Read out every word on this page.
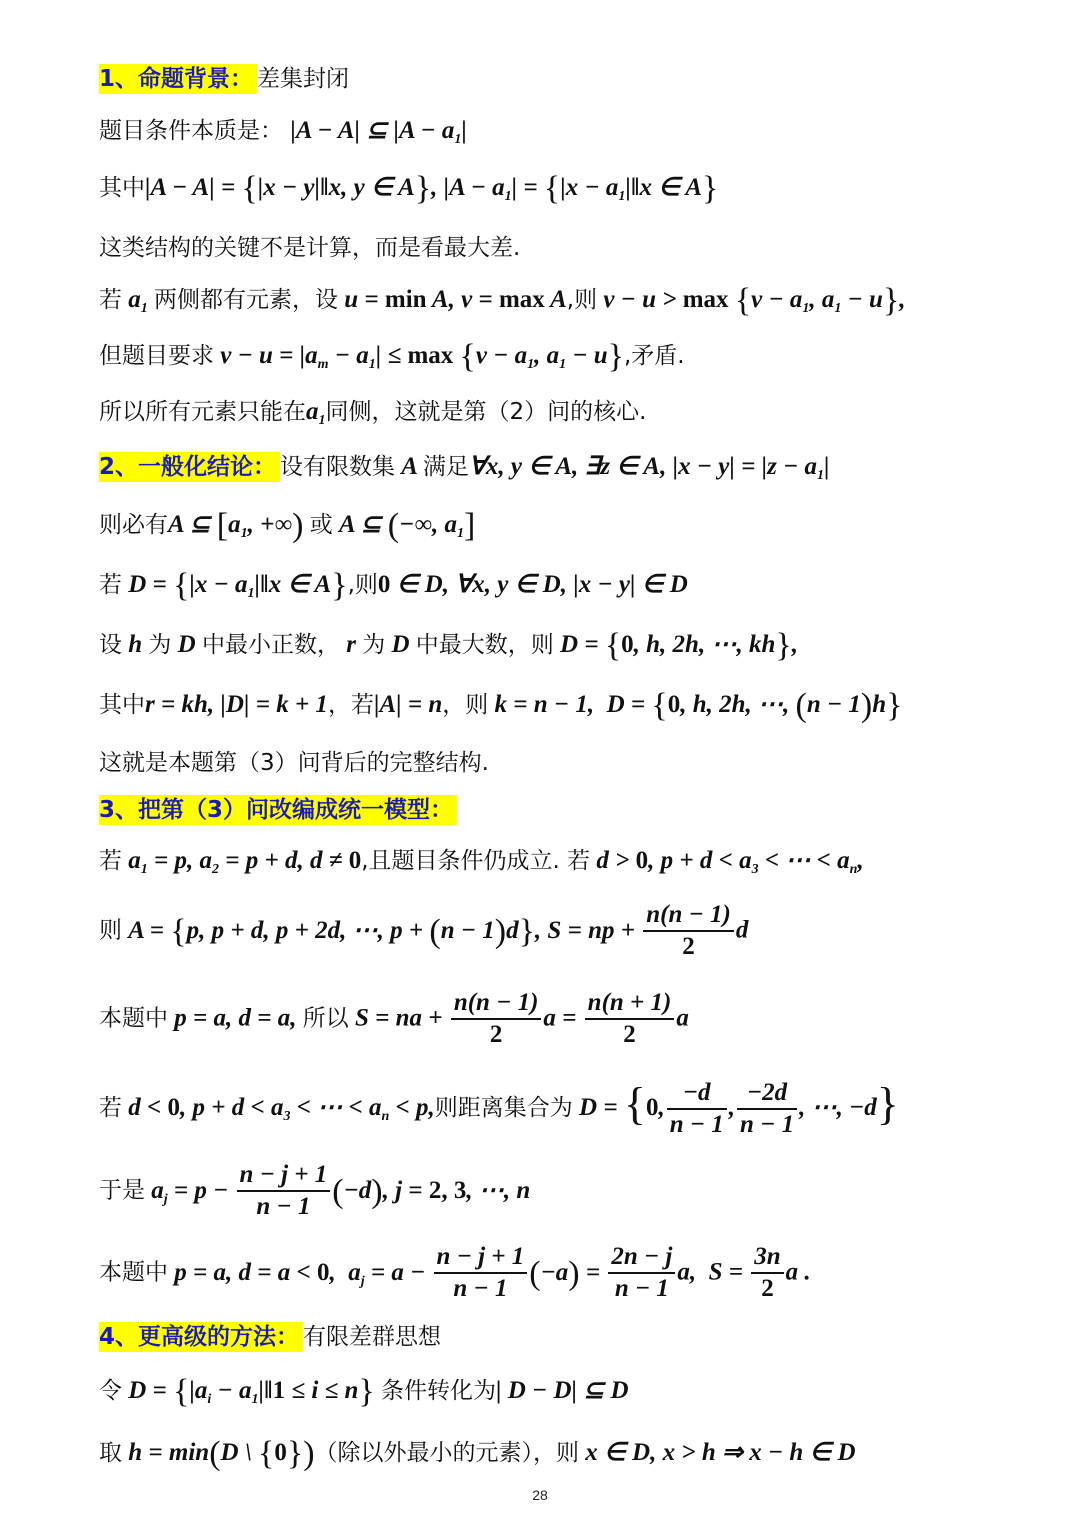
1、命题背景： 差集封闭
题目条件本质是： |A − A| ⊆ $|A - a_1|$
其中|A − A| = {|x − y|‖x, y ∈ A}, $|A - a_1| = \{|x$ − $a_1|‖x$ ∈ A}
这类结构的关键不是计算，而是看最大差.
若 $a_1$ 两侧都有元素，设 u = min A, v = max A,则 $v - u > \max \{v - a_1$, $a_1 - u$},
但题目要求 $v - u = |a_m - a_1| \le \max \{v - a_1$, $a_1 - u$},矛盾.
所以所有元素只能在$a_1$同侧，这就是第（2）问的核心.
2、一般化结论： 设有限数集 A 满足∀x, y ∈ A, ∃z ∈ A, $|x - y| = |z - a_1|$
则必有A ⊆ [$a_1$, +∞) 或 A ⊆ (−∞, $a_1$]
若 $D = \{|x - a_1|‖x$ ∈ A},则0 ∈ D, ∀x, y ∈ D, |x − y| ∈ D
设 h 为 D 中最小正数， r 为 D 中最大数，则 D = {0, h, 2h, ⋯, kh},
其中r = kh, |D| = k + 1，若|A| = n，则 k = n − 1,  D = {0, h, 2h, ⋯, (n − 1)h}
这就是本题第（3）问背后的完整结构.
3、把第（3）问改编成统一模型：
若 $a_1 = p$, $a_2 = p + d$, d ≠ 0,且题目条件仍成立. 若 d > 0, $p + d < a_3$ < ⋯ < $a_n$,
则 A = {p, p + d, p + 2d, ⋯, p + (n − 1)d}, S = np + $\frac{n(n - 1)}{2}$ d
本题中 p = a, d = a, 所以 S = na + $\frac{n(n - 1)}{2}$ $a = \frac{n(n + 1)}{2}$ a
若 d < 0, $p + d < a_3$ < ⋯ < $a_n < p$,则距离集合为 D = {0, $\frac{-d}{n - 1}$ , $\frac{-2d}{n - 1}$ , ⋯, −d}
于是 $a_j = p - \frac{n - j + 1}{n - 1} (-d)$, j = 2, 3, ⋯, n
本题中 p = a, d = a < 0,  $a_j = a - \frac{n - j + 1}{n - 1} (-a) = \frac{2n - j}{n - 1} a$,  $S = \frac{3n}{2}$ a .
4、更高级的方法： 有限差群思想
令 $D = \{|a_i$ − $a_1|‖1 \le i \le n$} 条件转化为| D − D| ⊆ D
取 h = min(D \ {0})（除以外最小的元素），则 x ∈ D, x > h ⇒ x − h ∈ D
28
